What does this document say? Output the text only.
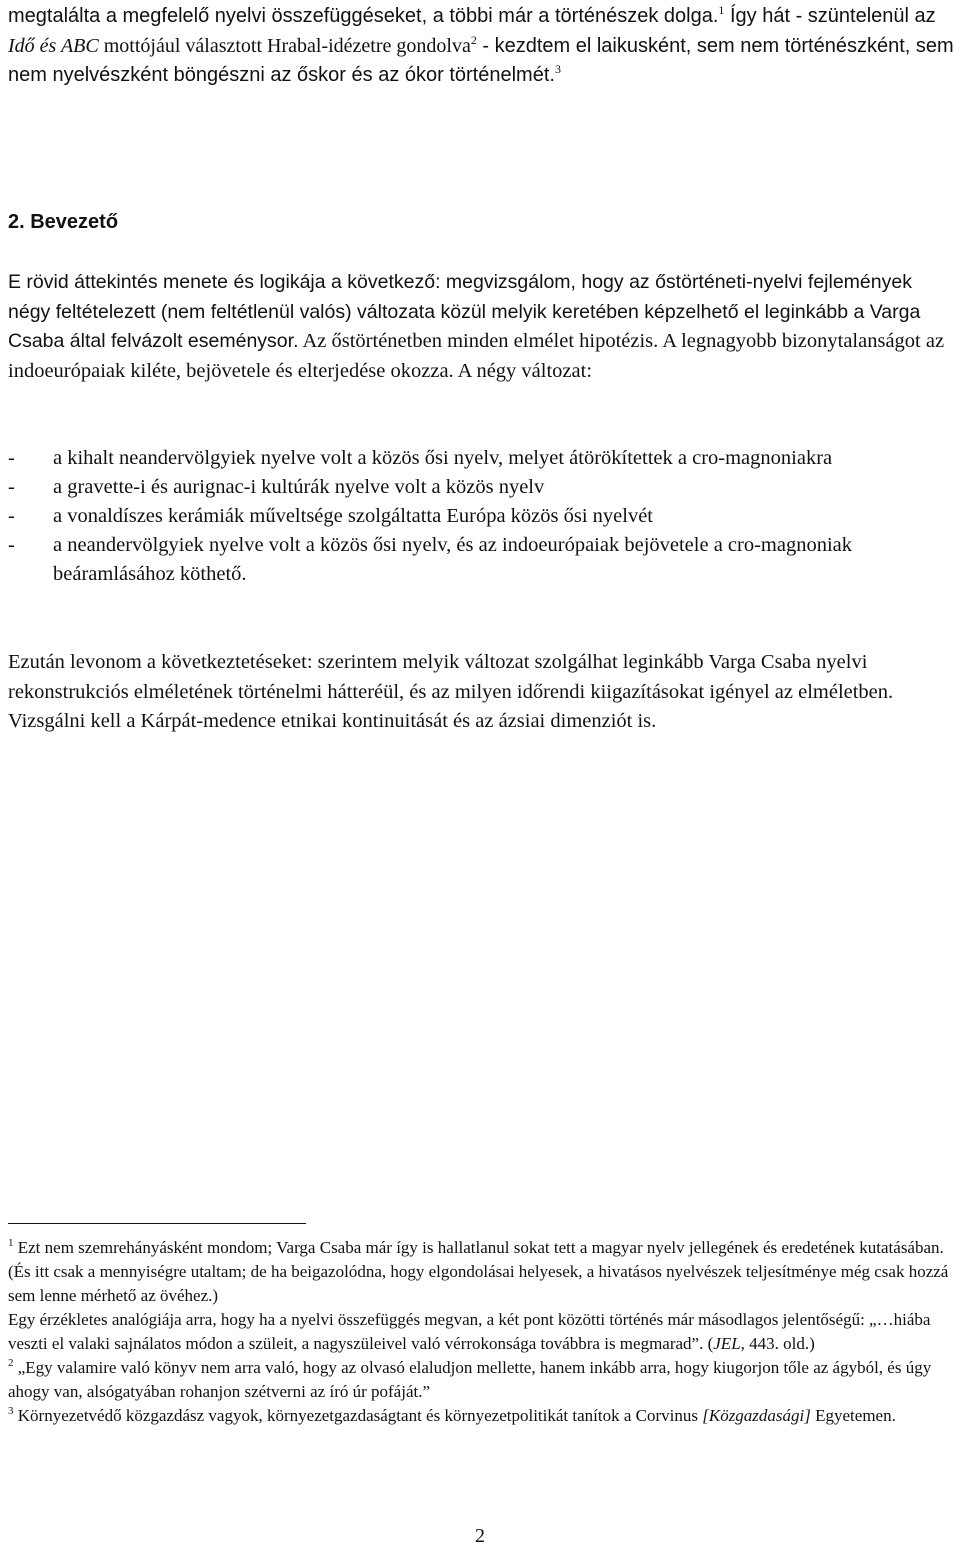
megtalálta a megfelelő nyelvi összefüggéseket, a többi már a történészek dolga.$^1$ Így hát - szüntelenül az Idő és ABC mottójául választott Hrabal-idézetre gondolva$^2$ - kezdtem el laikusként, sem nem történészként, sem nem nyelvészként böngészni az őskor és az ókor történelmét.$^3$

2. Bevezető

E rövid áttekintés menete és logikája a következő: megvizsgálom, hogy az őstörténeti-nyelvi fejlemények négy feltételezett (nem feltétlenül valós) változata közül melyik keretében képzelhető el leginkább a Varga Csaba által felvázolt eseménysor. Az őstörténetben minden elmélet hipotézis. A legnagyobb bizonytalanságot az indoeurópaiak kiléte, bejövetele és elterjedése okozza. A négy változat:

-	a kihalt neandervölgyiek nyelve volt a közös ősi nyelv, melyet átörökítettek a cro-magnoniakra
-	a gravette-i és aurignac-i kultúrák nyelve volt a közös nyelv
-	a vonaldíszes kerámiák műveltsége szolgáltatta Európa közös ősi nyelvét
-	a neandervölgyiek nyelve volt a közös ősi nyelv, és az indoeurópaiak bejövetele a cro-magnoniak beáramlásához köthető.

Ezután levonom a következtetéseket: szerintem melyik változat szolgálhat leginkább Varga Csaba nyelvi rekonstrukciós elméletének történelmi hátteréül, és az milyen időrendi kiigazításokat igényel az elméletben. Vizsgálni kell a Kárpát-medence etnikai kontinuitását és az ázsiai dimenziót is.

$^1$ Ezt nem szemrehányásként mondom; Varga Csaba már így is hallatlanul sokat tett a magyar nyelv jellegének és eredetének kutatásában. (És itt csak a mennyiségre utaltam; de ha beigazolódna, hogy elgondolásai helyesek, a hivatásos nyelvészek teljesítménye még csak hozzá sem lenne mérhető az övéhez.)

Egy érzékletes analógiája arra, hogy ha a nyelvi összefüggés megvan, a két pont közötti történés már másodlagos jelentőségű: „…hiába veszti el valaki sajnálatos módon a szüleit, a nagyszüleivel való vérrokonsága továbbra is megmarad”. (JEL, 443. old.)

$^2$ „Egy valamire való könyv nem arra való, hogy az olvasó elaludjon mellette, hanem inkább arra, hogy kiugorjon tőle az ágyból, és úgy ahogy van, alsógatyában rohanjon szétverni az író úr pofáját.”

$^3$ Környezetvédő közgazdász vagyok, környezetgazdaságtant és környezetpolitikát tanítok a Corvinus [Közgazdasági] Egyetemen.

2
